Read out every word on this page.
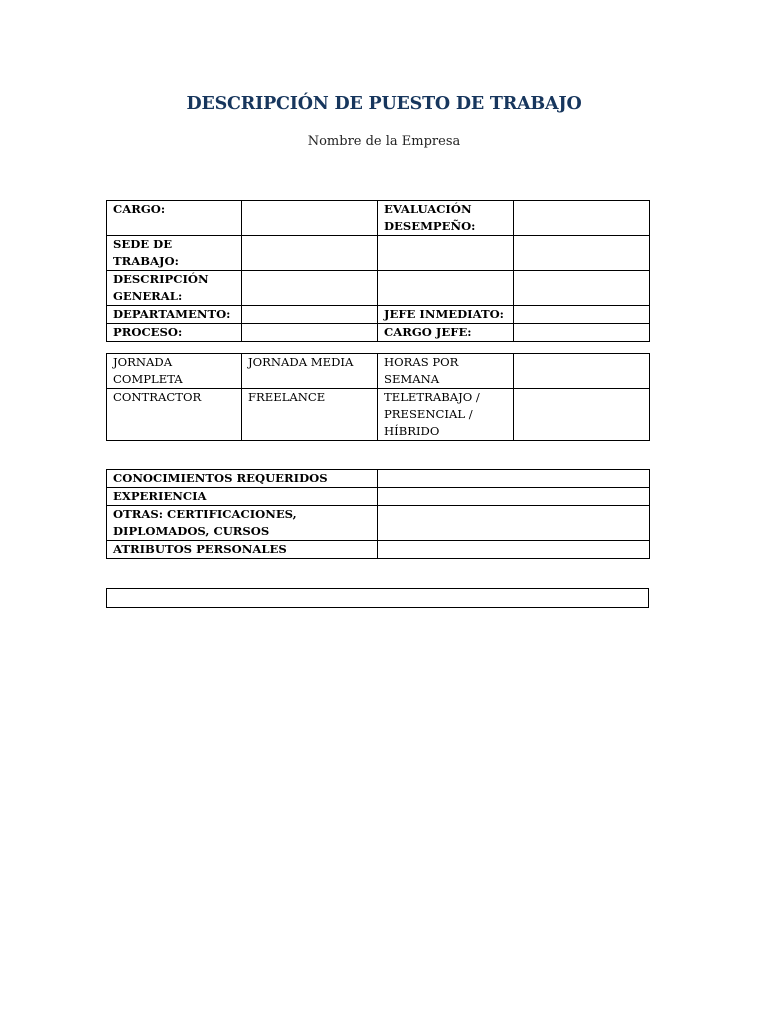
DESCRIPCIÓN DE PUESTO DE TRABAJO
Nombre de la Empresa
CARGO:		EVALUACIÓN DESEMPEÑO:	
SEDE DE TRABAJO:			
DESCRIPCIÓN GENERAL:			
DEPARTAMENTO:		JEFE INMEDIATO:	
PROCESO:		CARGO JEFE:	
JORNADA COMPLETA	JORNADA MEDIA	HORAS POR SEMANA	
CONTRACTOR	FREELANCE	TELETRABAJO / PRESENCIAL / HÍBRIDO	
CONOCIMIENTOS REQUERIDOS	
EXPERIENCIA	
OTRAS: CERTIFICACIONES, DIPLOMADOS, CURSOS	
ATRIBUTOS PERSONALES	
